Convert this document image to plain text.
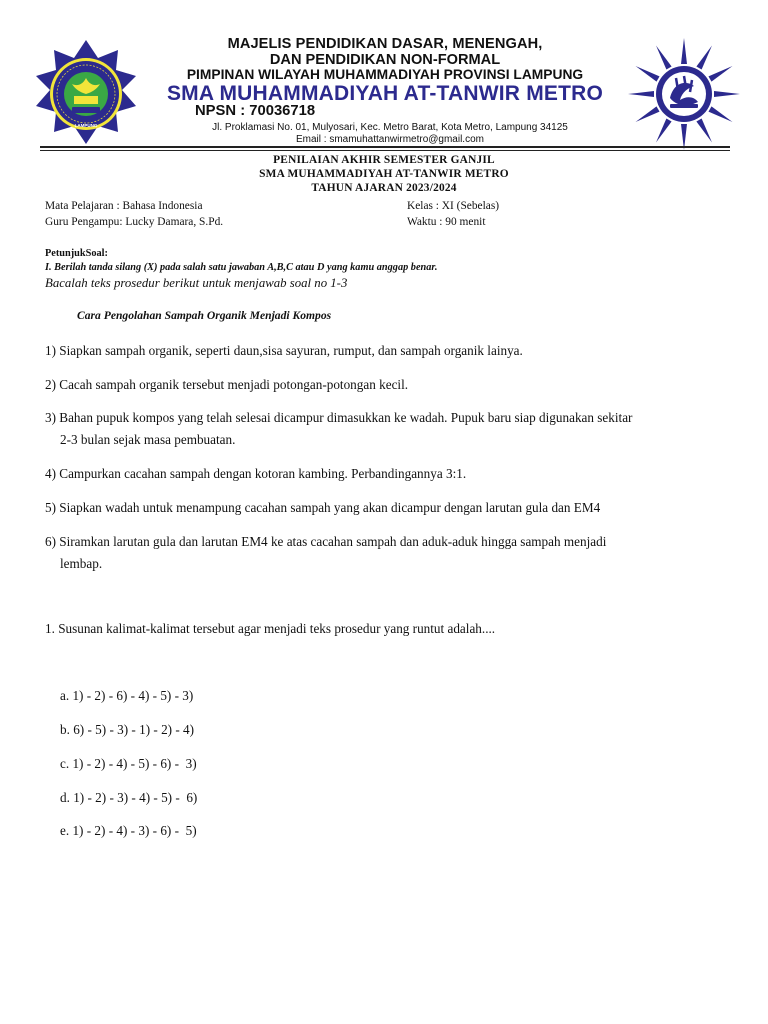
LAMPUNG
MAJELIS PENDIDIKAN DASAR, MENENGAH,
DAN PENDIDIKAN NON-FORMAL
PIMPINAN WILAYAH MUHAMMADIYAH PROVINSI LAMPUNG
SMA MUHAMMADIYAH AT-TANWIR METRO
NPSN : 70036718
Jl. Proklamasi No. 01, Mulyosari, Kec. Metro Barat, Kota Metro, Lampung 34125
Email : smamuhattanwirmetro@gmail.com
PENILAIAN AKHIR SEMESTER GANJIL
SMA MUHAMMADIYAH AT-TANWIR METRO
TAHUN AJARAN 2023/2024
Mata Pelajaran : Bahasa Indonesia
Guru Pengampu: Lucky Damara, S.Pd.
Kelas : XI (Sebelas)
Waktu : 90 menit
PetunjukSoal:
I. Berilah tanda silang (X) pada salah satu jawaban A,B,C atau D yang kamu anggap benar.
Bacalah teks prosedur berikut untuk menjawab soal no 1-3
Cara Pengolahan Sampah Organik Menjadi Kompos
1) Siapkan sampah organik, seperti daun,sisa sayuran, rumput, dan sampah organik lainya.
2) Cacah sampah organik tersebut menjadi potongan-potongan kecil.
3) Bahan pupuk kompos yang telah selesai dicampur dimasukkan ke wadah. Pupuk baru siap digunakan sekitar
2-3 bulan sejak masa pembuatan.
4) Campurkan cacahan sampah dengan kotoran kambing. Perbandingannya 3:1.
5) Siapkan wadah untuk menampung cacahan sampah yang akan dicampur dengan larutan gula dan EM4
6) Siramkan larutan gula dan larutan EM4 ke atas cacahan sampah dan aduk-aduk hingga sampah menjadi
lembap.
1. Susunan kalimat-kalimat tersebut agar menjadi teks prosedur yang runtut adalah....
a. 1) - 2) - 6) - 4) - 5) - 3)
b. 6) - 5) - 3) - 1) - 2) - 4)
c. 1) - 2) - 4) - 5) - 6) -  3)
d. 1) - 2) - 3) - 4) - 5) -  6)
e. 1) - 2) - 4) - 3) - 6) -  5)
